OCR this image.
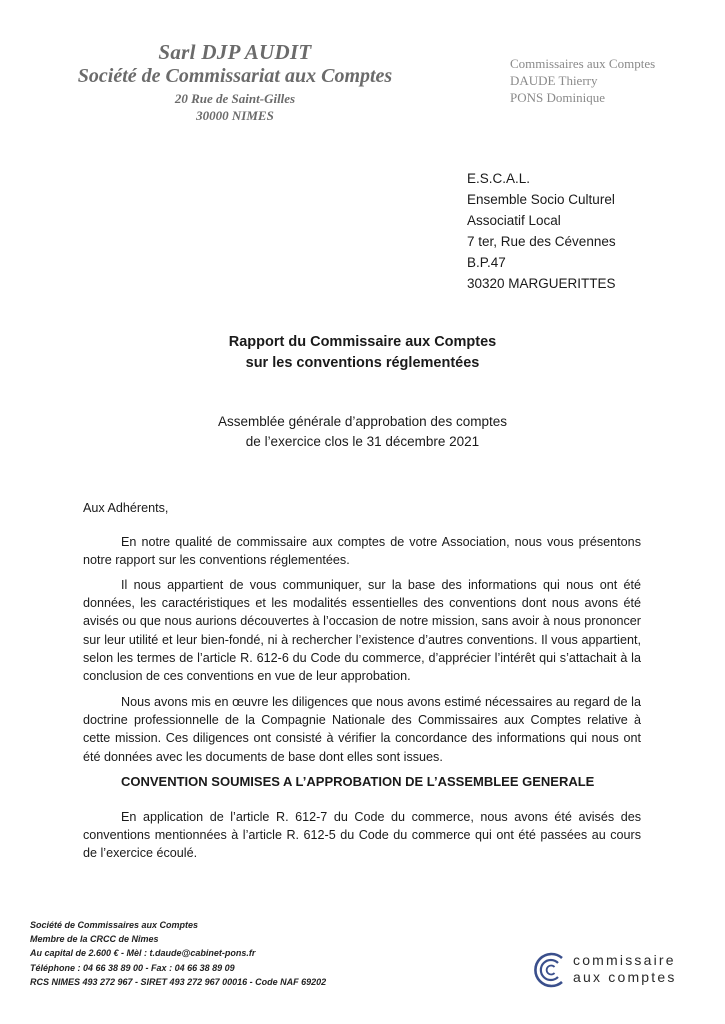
Sarl DJP AUDIT
Société de Commissariat aux Comptes
20 Rue de Saint-Gilles
30000 NIMES
Commissaires aux Comptes
DAUDE Thierry
PONS Dominique
E.S.C.A.L.
Ensemble Socio Culturel
Associatif Local
7 ter, Rue des Cévennes
B.P.47
30320 MARGUERITTES
Rapport du Commissaire aux Comptes
sur les conventions réglementées
Assemblée générale d’approbation des comptes
de l’exercice clos le 31 décembre 2021
Aux Adhérents,

En notre qualité de commissaire aux comptes de votre Association, nous vous présentons notre rapport sur les conventions réglementées.

Il nous appartient de vous communiquer, sur la base des informations qui nous ont été données, les caractéristiques et les modalités essentielles des conventions dont nous avons été avisés ou que nous aurions découvertes à l’occasion de notre mission, sans avoir à nous prononcer sur leur utilité et leur bien-fondé, ni à rechercher l’existence d’autres conventions. Il vous appartient, selon les termes de l’article R. 612-6 du Code du commerce, d’apprécier l’intérêt qui s’attachait à la conclusion de ces conventions en vue de leur approbation.

Nous avons mis en œuvre les diligences que nous avons estimé nécessaires au regard de la doctrine professionnelle de la Compagnie Nationale des Commissaires aux Comptes relative à cette mission. Ces diligences ont consisté à vérifier la concordance des informations qui nous ont été données avec les documents de base dont elles sont issues.

CONVENTION SOUMISES A L’APPROBATION DE L’ASSEMBLEE GENERALE

En application de l’article R. 612-7 du Code du commerce, nous avons été avisés des conventions mentionnées à l’article R. 612-5 du Code du commerce qui ont été passées au cours de l’exercice écoulé.

Société de Commissaires aux Comptes
Membre de la CRCC de Nîmes
Au capital de 2.600 € - Mèl : t.daude@cabinet-pons.fr
Téléphone : 04 66 38 89 00 - Fax : 04 66 38 89 09
RCS NIMES 493 272 967 - SIRET 493 272 967 00016 - Code NAF 69202
commissaire
aux comptes
